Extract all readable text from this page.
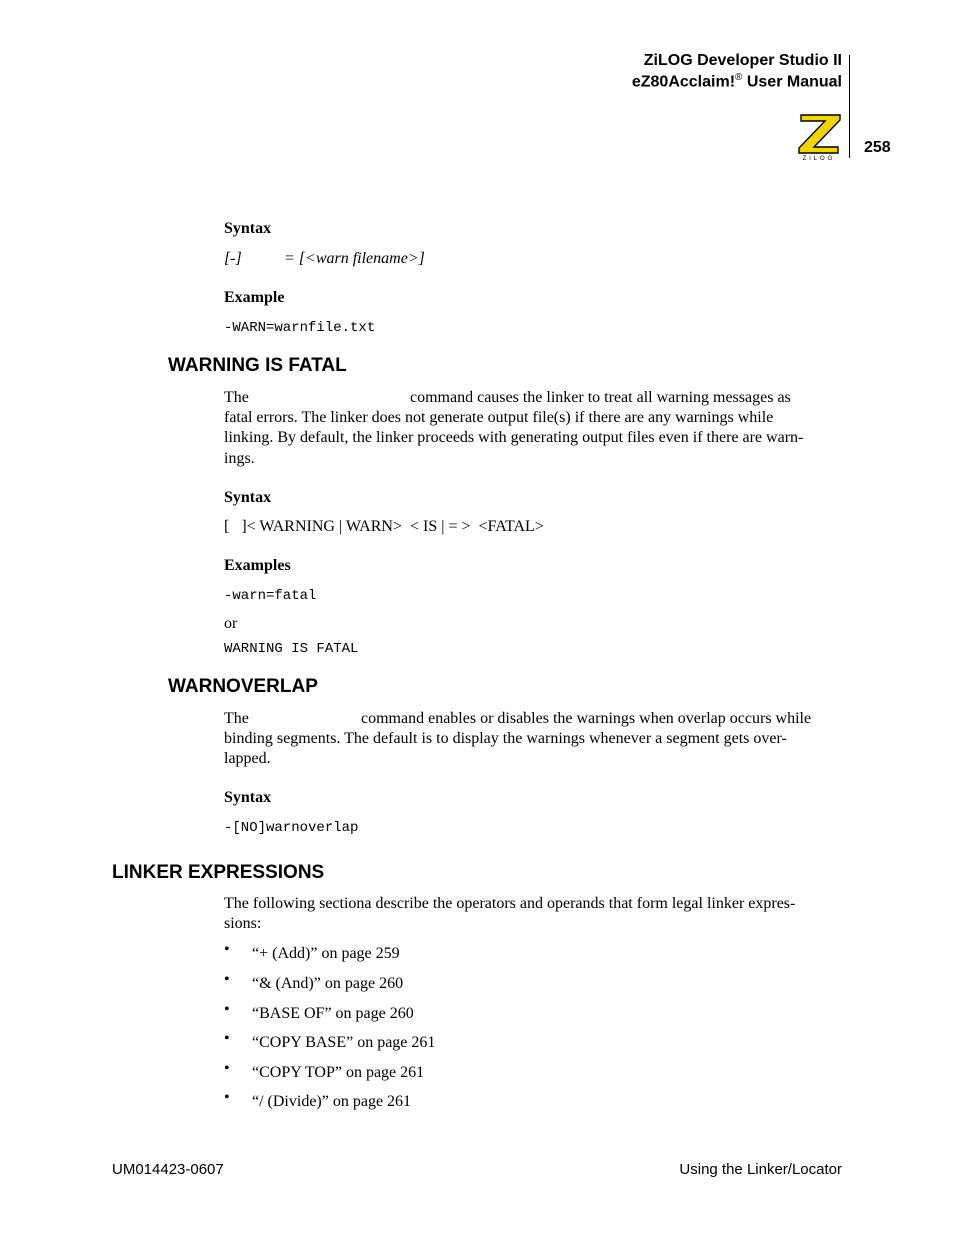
ZiLOG Developer Studio II
eZ80Acclaim!® User Manual
ZiLOG
258
Syntax
[-]	= [<warn filename>]
Example
-WARN=warnfile.txt
WARNING IS FATAL
The	command causes the linker to treat all warning messages as
fatal errors. The linker does not generate output file(s) if there are any warnings while
linking. By default, the linker proceeds with generating output files even if there are warn-
ings.
Syntax
[   ]< WARNING | WARN>  < IS | = >  <FATAL>
Examples
-warn=fatal
or
WARNING IS FATAL
WARNOVERLAP
The	command enables or disables the warnings when overlap occurs while
binding segments. The default is to display the warnings whenever a segment gets over-
lapped.
Syntax
-[NO]warnoverlap
LINKER EXPRESSIONS
The following sectiona describe the operators and operands that form legal linker expres-
sions:
• “+ (Add)” on page 259
• “& (And)” on page 260
• “BASE OF” on page 260
• “COPY BASE” on page 261
• “COPY TOP” on page 261
• “/ (Divide)” on page 261
UM014423-0607	Using the Linker/Locator
